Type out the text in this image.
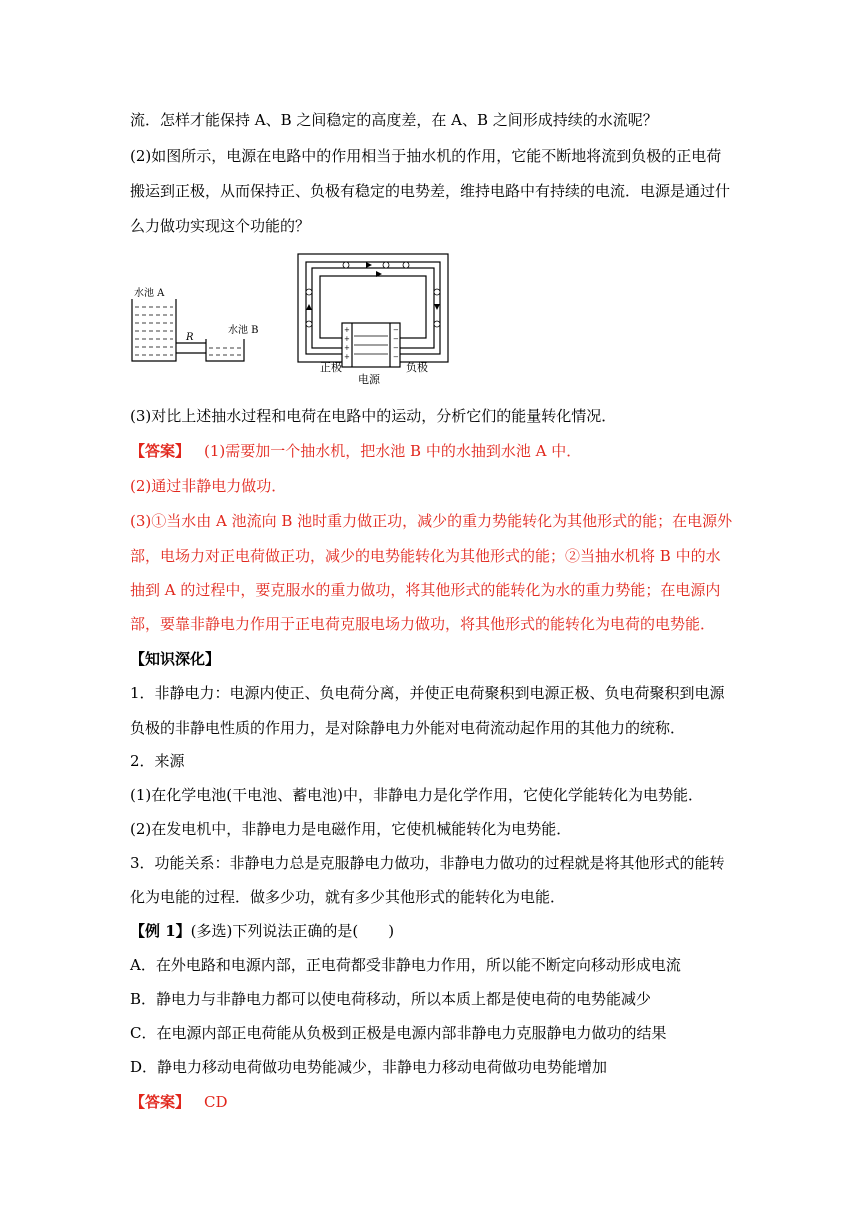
流．怎样才能保持 A、B 之间稳定的高度差，在 A、B 之间形成持续的水流呢？
(2)如图所示，电源在电路中的作用相当于抽水机的作用，它能不断地将流到负极的正电荷
搬运到正极，从而保持正、负极有稳定的电势差，维持电路中有持续的电流．电源是通过什
么力做功实现这个功能的？
水池 A
水池 B
R
+
+
+
+
−
−
−
−
正极	负极
电源
(3)对比上述抽水过程和电荷在电路中的运动，分析它们的能量转化情况．
【答案】 (1)需要加一个抽水机，把水池 B 中的水抽到水池 A 中．
(2)通过非静电力做功．
(3)①当水由 A 池流向 B 池时重力做正功，减少的重力势能转化为其他形式的能；在电源外
部，电场力对正电荷做正功，减少的电势能转化为其他形式的能；②当抽水机将 B 中的水
抽到 A 的过程中，要克服水的重力做功，将其他形式的能转化为水的重力势能；在电源内
部，要靠非静电力作用于正电荷克服电场力做功，将其他形式的能转化为电荷的电势能．
【知识深化】
1．非静电力：电源内使正、负电荷分离，并使正电荷聚积到电源正极、负电荷聚积到电源
负极的非静电性质的作用力，是对除静电力外能对电荷流动起作用的其他力的统称．
2．来源
(1)在化学电池(干电池、蓄电池)中，非静电力是化学作用，它使化学能转化为电势能．
(2)在发电机中，非静电力是电磁作用，它使机械能转化为电势能．
3．功能关系：非静电力总是克服静电力做功，非静电力做功的过程就是将其他形式的能转
化为电能的过程．做多少功，就有多少其他形式的能转化为电能．
【例 1】(多选)下列说法正确的是(　　)
A．在外电路和电源内部，正电荷都受非静电力作用，所以能不断定向移动形成电流
B．静电力与非静电力都可以使电荷移动，所以本质上都是使电荷的电势能减少
C．在电源内部正电荷能从负极到正极是电源内部非静电力克服静电力做功的结果
D．静电力移动电荷做功电势能减少，非静电力移动电荷做功电势能增加
【答案】 CD
